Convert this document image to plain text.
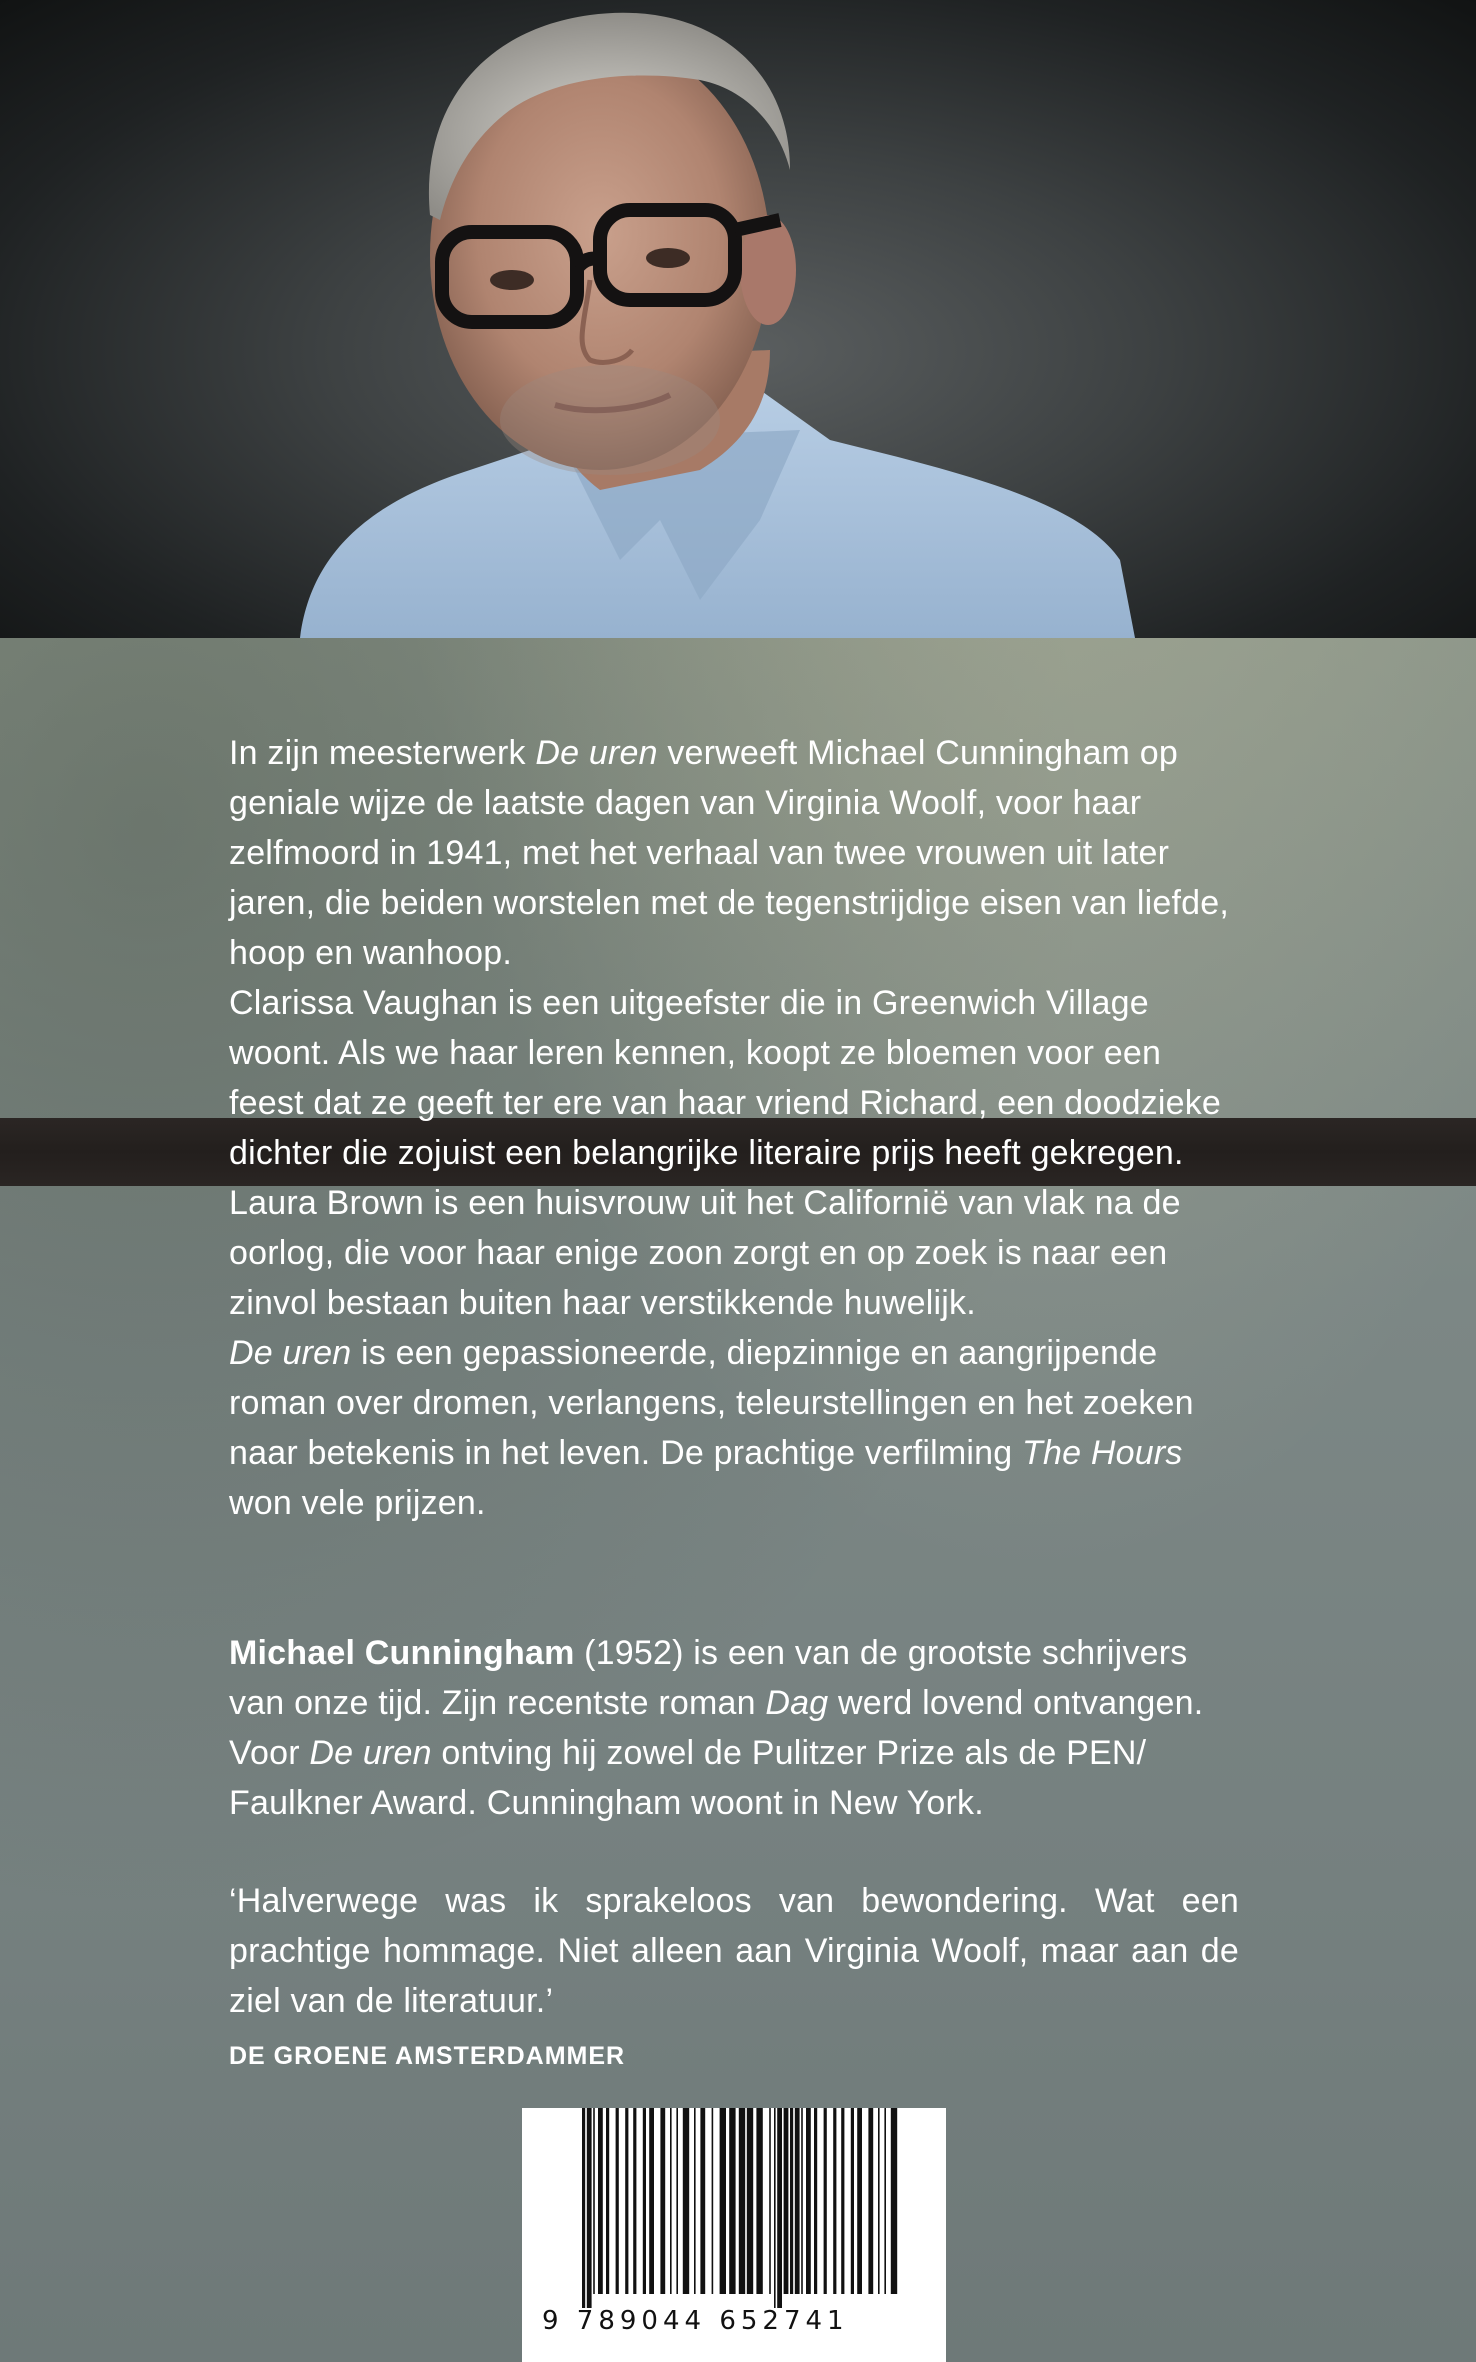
In zijn meesterwerk De uren verweeft Michael Cunningham op geniale wijze de laatste dagen van Virginia Woolf, voor haar zelfmoord in 1941, met het verhaal van twee vrouwen uit later jaren, die beiden worstelen met de tegenstrijdige eisen van liefde, hoop en wanhoop.

Clarissa Vaughan is een uitgeefster die in Greenwich Village woont. Als we haar leren kennen, koopt ze bloemen voor een feest dat ze geeft ter ere van haar vriend Richard, een doodzieke dichter die zojuist een belangrijke literaire prijs heeft gekregen.

Laura Brown is een huisvrouw uit het Californië van vlak na de oorlog, die voor haar enige zoon zorgt en op zoek is naar een zinvol bestaan buiten haar verstikkende huwelijk.

De uren is een gepassioneerde, diepzinnige en aangrijpende roman over dromen, verlangens, teleurstellingen en het zoeken naar betekenis in het leven. De prachtige verfilming The Hours won vele prijzen.

Michael Cunningham (1952) is een van de grootste schrijvers van onze tijd. Zijn recentste roman Dag werd lovend ontvangen. Voor De uren ontving hij zowel de Pulitzer Prize als de PEN/ Faulkner Award. Cunningham woont in New York.

‘Halverwege was ik sprakeloos van bewondering. Wat een prachtige hommage. Niet alleen aan Virginia Woolf, maar aan de ziel van de literatuur.’

DE GROENE AMSTERDAMMER
9 789044 652741
